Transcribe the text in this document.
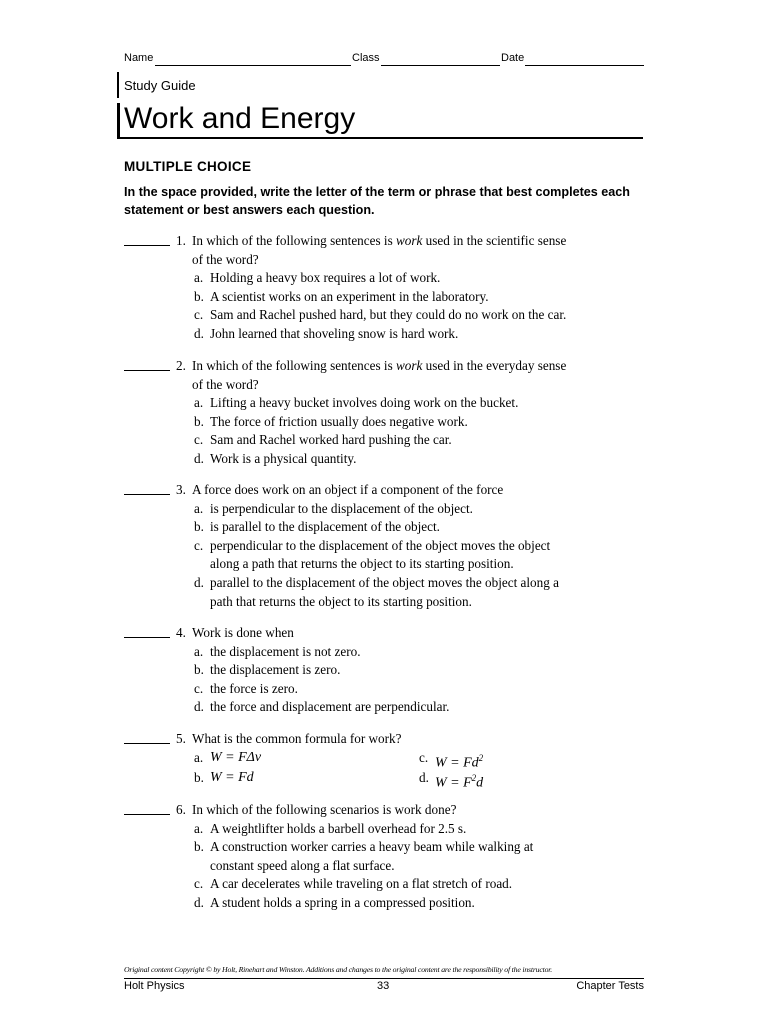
Name	Class	Date
Study Guide
Work and Energy
MULTIPLE CHOICE
In the space provided, write the letter of the term or phrase that best completes each statement or best answers each question.
1. In which of the following sentences is work used in the scientific sense
of the word?
a. Holding a heavy box requires a lot of work.
b. A scientist works on an experiment in the laboratory.
c. Sam and Rachel pushed hard, but they could do no work on the car.
d. John learned that shoveling snow is hard work.
2. In which of the following sentences is work used in the everyday sense
of the word?
a. Lifting a heavy bucket involves doing work on the bucket.
b. The force of friction usually does negative work.
c. Sam and Rachel worked hard pushing the car.
d. Work is a physical quantity.
3. A force does work on an object if a component of the force
a. is perpendicular to the displacement of the object.
b. is parallel to the displacement of the object.
c. perpendicular to the displacement of the object moves the object
along a path that returns the object to its starting position.
d. parallel to the displacement of the object moves the object along a
path that returns the object to its starting position.
4. Work is done when
a. the displacement is not zero.
b. the displacement is zero.
c. the force is zero.
d. the force and displacement are perpendicular.
5. What is the common formula for work?
a. W = FΔv
b. W = Fd
c. $W = Fd^2$
d. $W = F^2d$
6. In which of the following scenarios is work done?
a. A weightlifter holds a barbell overhead for 2.5 s.
b. A construction worker carries a heavy beam while walking at
constant speed along a flat surface.
c. A car decelerates while traveling on a flat stretch of road.
d. A student holds a spring in a compressed position.
Original content Copyright © by Holt, Rinehart and Winston. Additions and changes to the original content are the responsibility of the instructor.
Holt Physics	33	Chapter Tests
